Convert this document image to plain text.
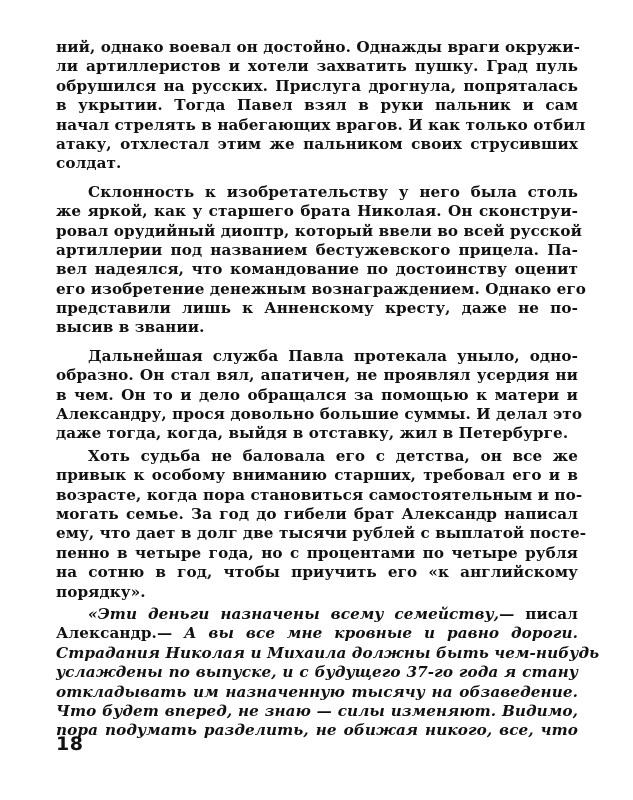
ний, однако воевал он достойно. Однажды враги окружи-
ли артиллеристов и хотели захватить пушку. Град пуль
обрушился на русских. Прислуга дрогнула, попряталась
в укрытии. Тогда Павел взял в руки пальник и сам
начал стрелять в набегающих врагов. И как только отбил
атаку, отхлестал этим же пальником своих струсивших
солдат.
Склонность к изобретательству у него была столь
же яркой, как у старшего брата Николая. Он сконструи-
ровал орудийный диоптр, который ввели во всей русской
артиллерии под названием бестужевского прицела. Па-
вел надеялся, что командование по достоинству оценит
его изобретение денежным вознаграждением. Однако его
представили лишь к Анненскому кресту, даже не по-
высив в звании.
Дальнейшая служба Павла протекала уныло, одно-
образно. Он стал вял, апатичен, не проявлял усердия ни
в чем. Он то и дело обращался за помощью к матери и
Александру, прося довольно большие суммы. И делал это
даже тогда, когда, выйдя в отставку, жил в Петербурге.
Хоть судьба не баловала его с детства, он все же
привык к особому вниманию старших, требовал его и в
возрасте, когда пора становиться самостоятельным и по-
могать семье. За год до гибели брат Александр написал
ему, что дает в долг две тысячи рублей с выплатой посте-
пенно в четыре года, но с процентами по четыре рубля
на сотню в год, чтобы приучить его «к английскому
порядку».
«Эти деньги назначены всему семейству,— писал
Александр.— А вы все мне кровные и равно дороги.
Страдания Николая и Михаила должны быть чем-нибудь
услаждены по выпуске, и с будущего 37-го года я стану
откладывать им назначенную тысячу на обзаведение.
Что будет вперед, не знаю — силы изменяют. Видимо,
пора подумать разделить, не обижая никого, все, что
18
